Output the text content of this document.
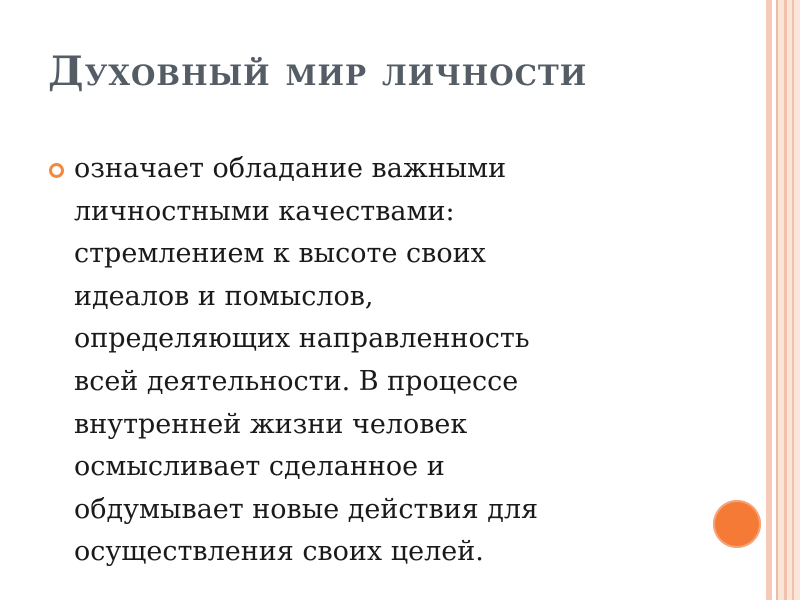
Духовный мир личности
означает обладание важными
личностными качествами:
стремлением к высоте своих
идеалов и помыслов,
определяющих направленность
всей деятельности. В процессе
внутренней жизни человек
осмысливает сделанное и
обдумывает новые действия для
осуществления своих целей.
